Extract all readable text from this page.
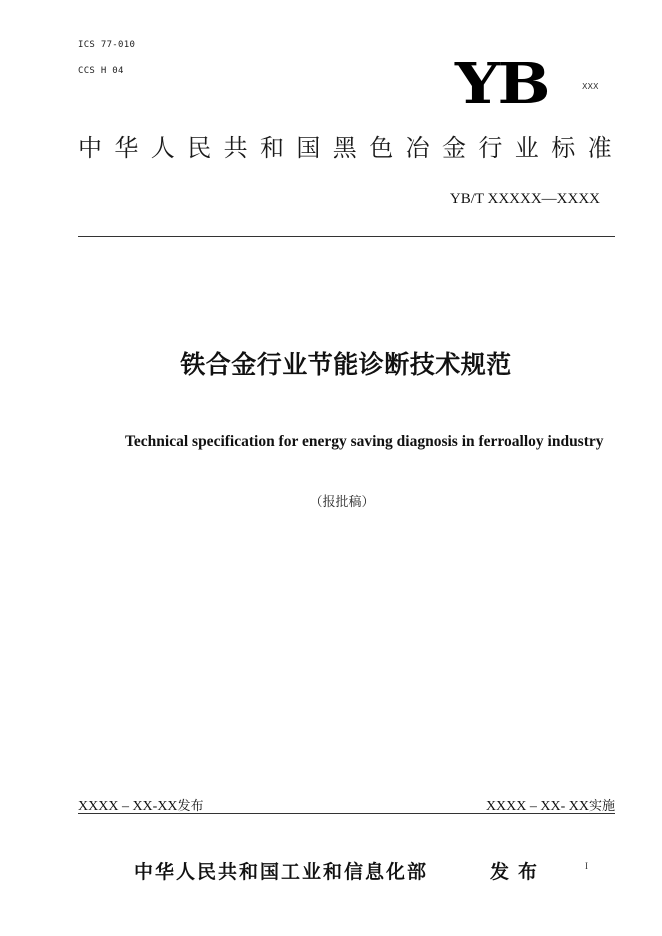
ICS 77-010
CCS H 04	YB	XXX
中华人民共和国黑色冶金行业标准
YB/T XXXXX—XXXX
铁合金行业节能诊断技术规范
Technical specification for energy saving diagnosis in ferroalloy industry
（报批稿）
XXXX – XX-XX发布	XXXX – XX- XX实施
中华人民共和国工业和信息化部	发布	I
